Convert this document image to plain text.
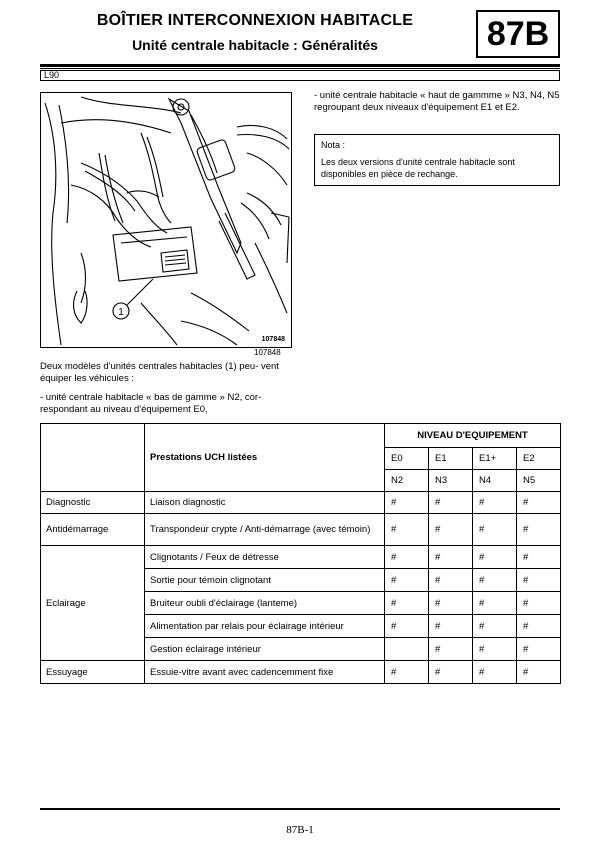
BOÎTIER INTERCONNEXION HABITACLE
Unité centrale habitacle : Généralités	87B
L90
1
107848
107848

Deux modèles d'unités centrales habitacles (1) peu- vent équiper les véhicules :

- unité centrale habitacle « bas de gamme » N2, cor- respondant au niveau d'équipement E0,

- unité centrale habitacle « haut de gammme » N3, N4, N5 regroupant deux niveaux d'équipement E1 et E2.

Nota :
Les deux versions d'unité centrale habitacle sont disponibles en pièce de rechange.
	Prestations UCH listées	NIVEAU D'EQUIPEMENT			
		E0	E1	E1+	E2
		N2	N3	N4	N5
Diagnostic	Liaison diagnostic	#	#	#	#
Antidémarrage	Transpondeur crypte / Anti-démarrage (avec témoin)	#	#	#	#
Eclairage	Clignotants / Feux de détresse	#	#	#	#
	Sortie pour témoin clignotant	#	#	#	#
	Bruiteur oubli d'éclairage (lanteme)	#	#	#	#
	Alimentation par relais pour éclairage intérieur	#	#	#	#
	Gestion éclairage intérieur		#	#	#
Essuyage	Essuie-vitre avant avec cadencemment fixe	#	#	#	#
87B-1
